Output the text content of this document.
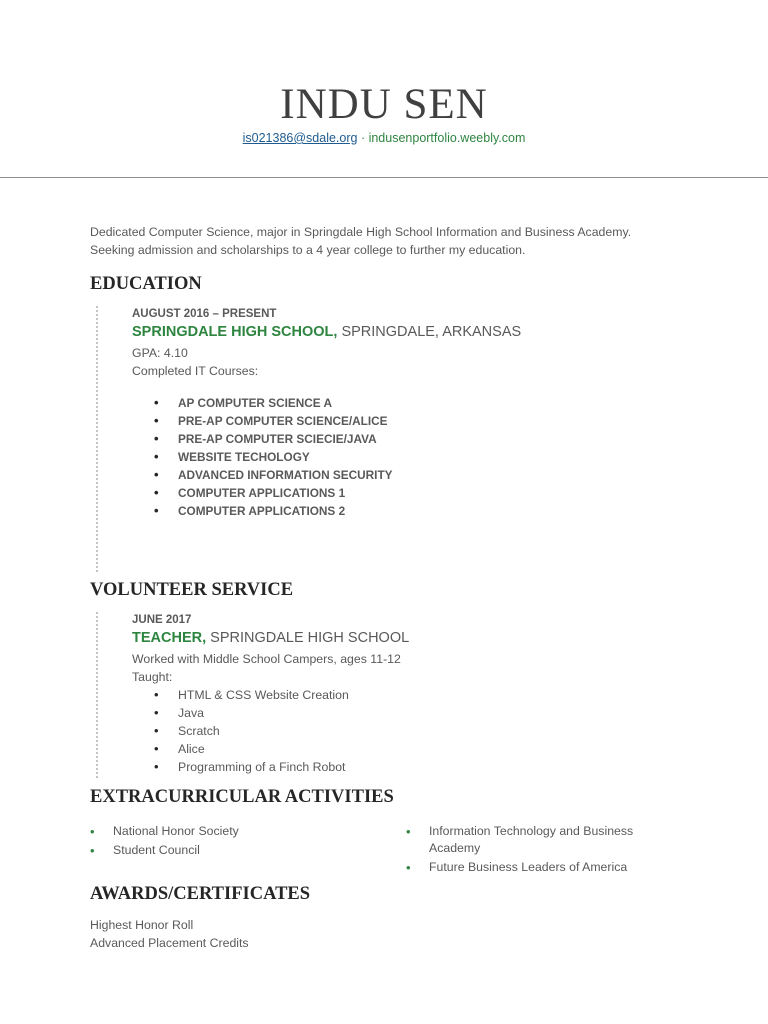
INDU SEN
is021386@sdale.org · indusenportfolio.weebly.com
Dedicated Computer Science, major in Springdale High School Information and Business Academy.
Seeking admission and scholarships to a 4 year college to further my education.
EDUCATION
AUGUST 2016 – PRESENT
SPRINGDALE HIGH SCHOOL, SPRINGDALE, ARKANSAS
GPA: 4.10
Completed IT Courses:
• AP COMPUTER SCIENCE A
• PRE-AP COMPUTER SCIENCE/ALICE
• PRE-AP COMPUTER SCIECIE/JAVA
• WEBSITE TECHOLOGY
• ADVANCED INFORMATION SECURITY
• COMPUTER APPLICATIONS 1
• COMPUTER APPLICATIONS 2
VOLUNTEER SERVICE
JUNE 2017
TEACHER, SPRINGDALE HIGH SCHOOL
Worked with Middle School Campers, ages 11-12
Taught:
• HTML & CSS Website Creation
• Java
• Scratch
• Alice
• Programming of a Finch Robot
EXTRACURRICULAR ACTIVITIES
• National Honor Society
• Student Council
• Information Technology and Business
Academy
• Future Business Leaders of America
AWARDS/CERTIFICATES
Highest Honor Roll
Advanced Placement Credits
